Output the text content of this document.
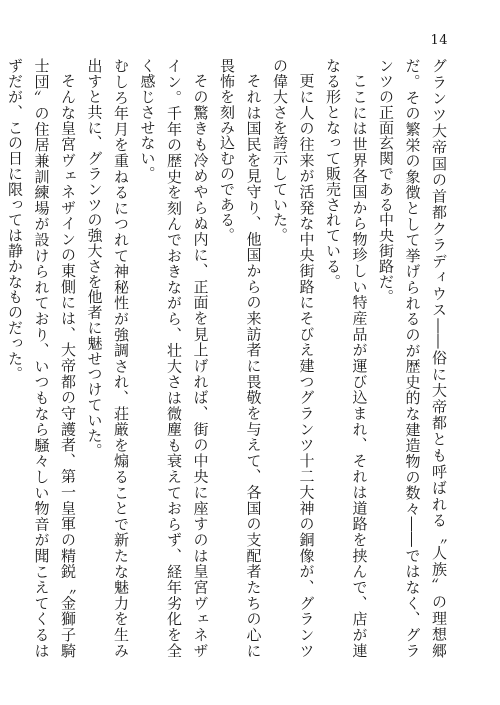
14

グランツ大帝国の首都クラディウス――俗に大帝都とも呼ばれる〝人族〟の理想郷だ。その繁栄の象徴として挙げられるのが歴史的な建造物の数々――ではなく、グランツの正面玄関である中央街路だ。

ここには世界各国から物珍しい特産品が運び込まれ、それは道路を挟んで、店が連なる形となって販売されている。

更に人の往来が活発な中央街路にそびえ建つグランツ十二大神の銅像が、グランツの偉大さを誇示していた。

それは国民を見守り、他国からの来訪者に畏敬を与えて、各国の支配者たちの心に畏怖を刻み込むのである。

その驚きも冷めやらぬ内に、正面を見上げれば、街の中央に座すのは皇宮ヴェネザイン。千年の歴史を刻んでおきながら、壮大さは微塵も衰えておらず、経年劣化を全く感じさせない。

むしろ年月を重ねるにつれて神秘性が強調され、荘厳を煽ることで新たな魅力を生み出すと共に、グランツの強大さを他者に魅せつけていた。

そんな皇宮ヴェネザインの東側には、大帝都の守護者、第一皇軍の精鋭〝金獅子騎士団〟の住居兼訓練場が設けられており、いつもなら騒々しい物音が聞こえてくるはずだが、この日に限っては静かなものだった。
